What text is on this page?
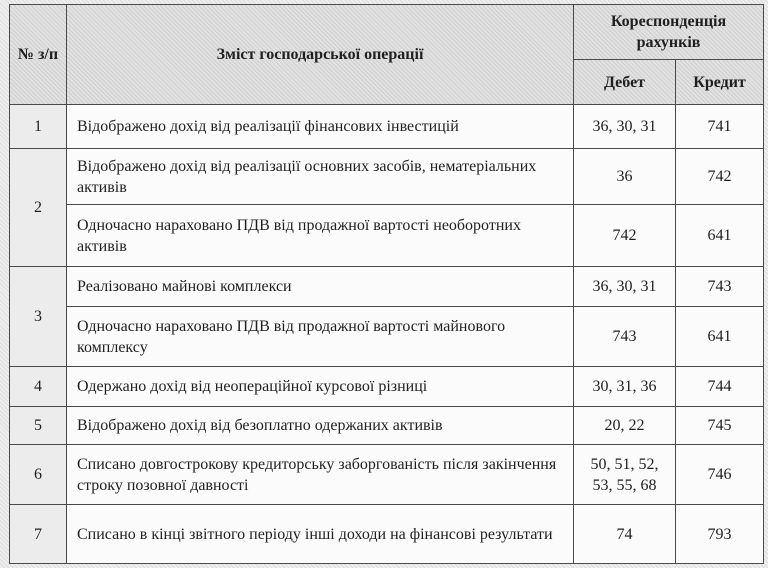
№ з/п	Зміст господарської операції	Кореспонденція рахунків	
		Дебет	Кредит
1	Відображено дохід від реалізації фінансових інвестицій	36, 30, 31	741
2	Відображено дохід від реалізації основних засобів, нематеріальних активів	36	742
	Одночасно нараховано ПДВ від продажної вартості необоротних активів	742	641
3	Реалізовано майнові комплекси	36, 30, 31	743
	Одночасно нараховано ПДВ від продажної вартості майнового комплексу	743	641
4	Одержано дохід від неопераційної курсової різниці	30, 31, 36	744
5	Відображено дохід від безоплатно одержаних активів	20, 22	745
6	Списано довгострокову кредиторську заборгованість після закінчення строку позовної давності	50, 51, 52, 53, 55, 68	746
7	Списано в кінці звітного періоду інші доходи на фінансові результати	74	793
